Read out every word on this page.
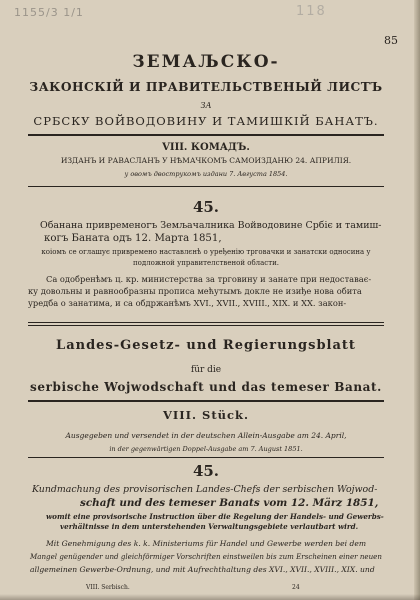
1155/3 1/1	118
85
ЗЕМАЉСКО-
ЗАКОНСКІЙ И ПРАВИТЕЛЬСТВЕНЫЙ ЛИСТЪ
ЗА
СРБСКУ ВОЙВОДОВИНУ И ТАМИШКІЙ БАНАТЪ.
VIII. КОМАДЪ.
ИЗДАНЪ И РАВАСЛАНЪ У НѢМАЧКОМЪ САМОИЗДАНЮ 24. АПРИЛІЯ.
у овомъ двострукомъ издани 7. Августа 1854.
45.
Обанана привременогъ Земљачалника Войводовине Србіє и тамиш-
когъ Баната одъ 12. Марта 1851,
коіомъ се оглашує привремено наставлєнѣ о уређенію трговачки и занатски односина у
подложной управителственой области.
Са одобренѣмъ ц. кр. министерства за трговину и занате при недоставає-
ку довольны и равнообразны прописа мећутымъ докле не изиђе нова обита
уредба о занатима, и са обдржанѣмъ XVI., XVII., XVIII., XIX. и XX. закон-
Landes-Gesetz- und Regierungsblatt
für die
serbische Wojwodschaft und das temeser Banat.
VIII. Stück.
Ausgegeben und versendet in der deutschen Allein-Ausgabe am 24. April,
in der gegenwärtigen Doppel-Ausgabe am 7. August 1851.
45.
Kundmachung des provisorischen Landes-Chefs der serbischen Wojwod-
schaft und des temeser Banats vom 12. März 1851,
womit eine provisorische Instruction über die Regelung der Handels- und Gewerbs-
verhältnisse in dem unterstehenden Verwaltungsgebiete verlautbart wird.
Mit Genehmigung des k. k. Ministeriums für Handel und Gewerbe werden bei dem
Mangel genügender und gleichförmiger Vorschriften einstweilen bis zum Erscheinen einer neuen
allgemeinen Gewerbe-Ordnung, und mit Aufrechthaltung des XVI., XVII., XVIII., XIX. und
VIII. Serbisch.	24
